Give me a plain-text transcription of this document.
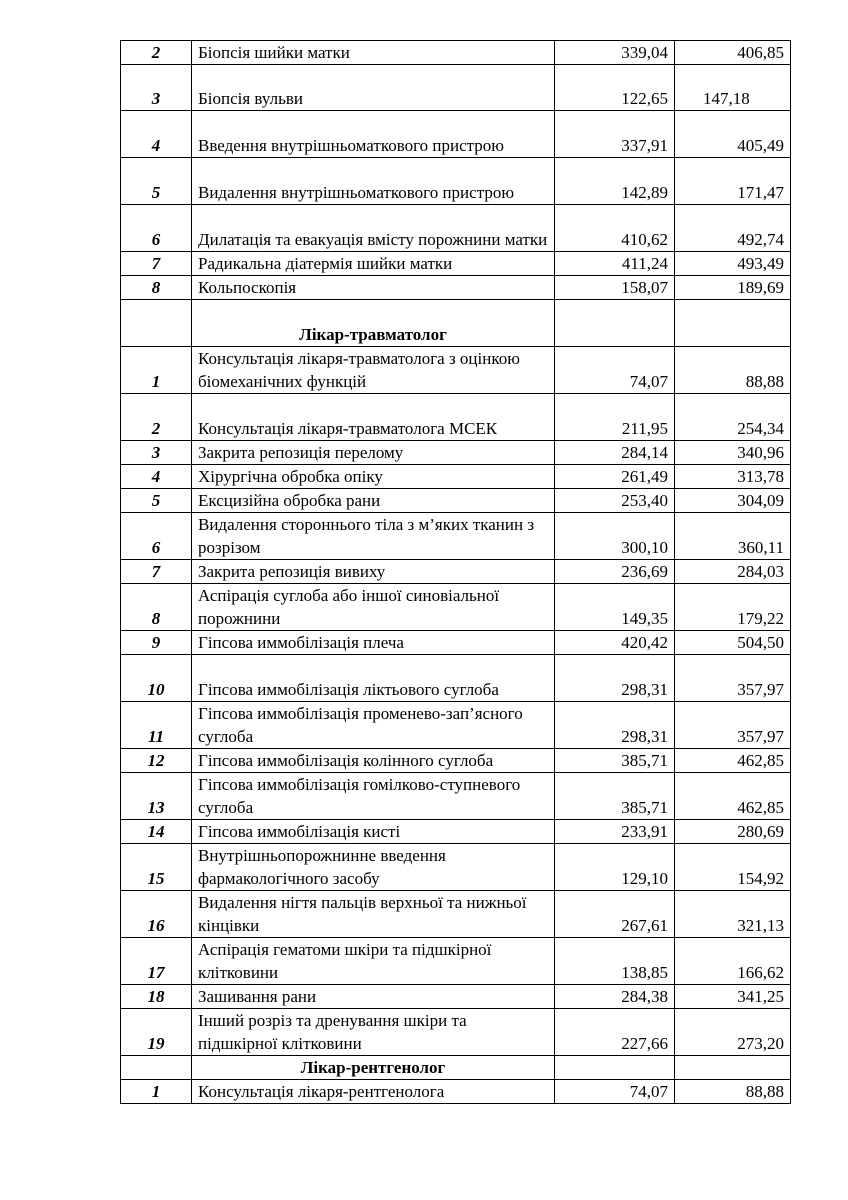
2	Біопсія шийки матки	339,04	406,85
3	Біопсія вульви	122,65	147,18
4	Введення внутрішньоматкового пристрою	337,91	405,49
5	Видалення внутрішньоматкового пристрою	142,89	171,47
6	Дилатація та евакуація вмісту порожнини матки	410,62	492,74
7	Радикальна діатермія шийки матки	411,24	493,49
8	Кольпоскопія	158,07	189,69
	Лікар-травматолог		
1	Консультація лікаря-травматолога з оцінкою біомеханічних функцій	74,07	88,88
2	Консультація лікаря-травматолога МСЕК	211,95	254,34
3	Закрита репозиція перелому	284,14	340,96
4	Хірургічна обробка опіку	261,49	313,78
5	Ексцизійна обробка рани	253,40	304,09
6	Видалення стороннього тіла з м’яких тканин з розрізом	300,10	360,11
7	Закрита репозиція вивиху	236,69	284,03
8	Аспірація суглоба або іншої синовіальної порожнини	149,35	179,22
9	Гіпсова иммобілізація плеча	420,42	504,50
10	Гіпсова иммобілізація ліктьового суглоба	298,31	357,97
11	Гіпсова иммобілізація променево-зап’ясного суглоба	298,31	357,97
12	Гіпсова иммобілізація колінного суглоба	385,71	462,85
13	Гіпсова иммобілізація гомілково-ступневого суглоба	385,71	462,85
14	Гіпсова иммобілізація кисті	233,91	280,69
15	Внутрішньопорожнинне введення фармакологічного засобу	129,10	154,92
16	Видалення нігтя пальців верхньої та нижньої кінцівки	267,61	321,13
17	Аспірація гематоми шкіри та підшкірної клітковини	138,85	166,62
18	Зашивання рани	284,38	341,25
19	Інший розріз та дренування шкіри та підшкірної клітковини	227,66	273,20
	Лікар-рентгенолог		
1	Консультація лікаря-рентгенолога	74,07	88,88
